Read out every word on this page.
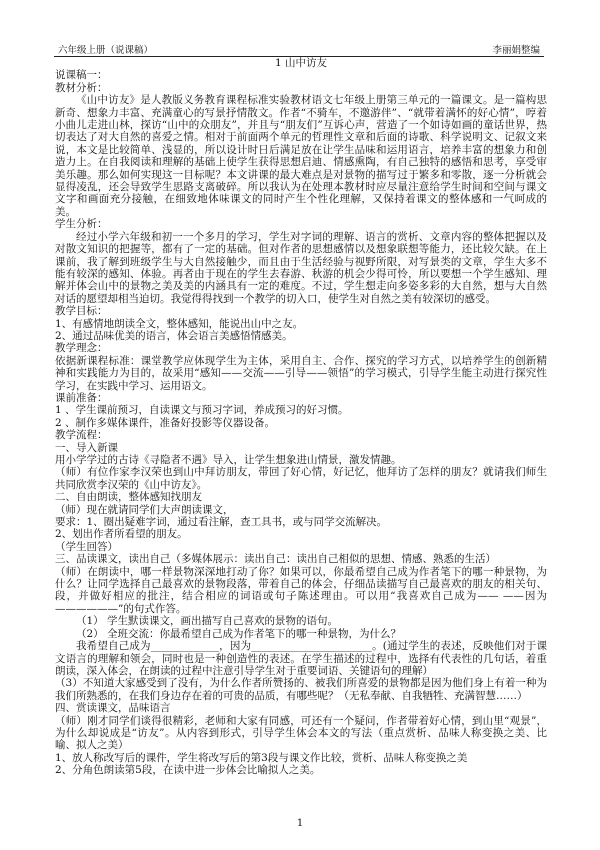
六年级上册（说课稿）	李丽娟整编

1 山中访友

说课稿一：

教材分析：

《山中访友》是人教版义务教育课程标准实验教材语文七年级上册第三单元的一篇课文。是一篇构思新奇、想象力丰富、充满童心的写景抒情散文。作者“不骑车，不邀游伴”、“就带着满怀的好心情”，哼着小曲儿走进山林，探访“山中的众朋友”，并且与“朋友们”互诉心声，营造了一个如诗如画的童话世界，热切表达了对大自然的喜爱之情。相对于前面两个单元的哲理性文章和后面的诗歌、科学说明文、记叙文来说，本文是比较简单、浅显的，所以设计时日后满足放在让学生品味和运用语言，培养丰富的想象力和创造力上。在自我阅读和理解的基础上使学生获得思想启迪、情感熏陶，有自己独特的感悟和思考，享受审美乐趣。那么如何实现这一目标呢？本文讲课的最大难点是对景物的描写过于繁多和零散，逐一分析就会显得凌乱，还会导致学生思路支离破碎。所以我认为在处理本教材时应尽量注意给学生时间和空间与课文文字和画面充分接触，在细致地体味课文的同时产生个性化理解，又保持着课文的整体感和一气呵成的美。

学生分析：

经过小学六年级和初一一个多月的学习，学生对字词的理解、语言的赏析、文章内容的整体把握以及对散文知识的把握等，都有了一定的基础。但对作者的思想感情以及想象联想等能力，还比较欠缺。在上课前，我了解到班级学生与大自然接触少，而且由于生活经验与视野所限，对写景类的文章，学生大多不能有较深的感知、体验。再者由于现在的学生去春游、秋游的机会少得可怜，所以要想一个学生感知、理解并体会山中的景物之美及美的内涵具有一定的难度。不过，学生想走向多姿多彩的大自然，想与大自然对话的愿望却相当迫切。我觉得得找到一个教学的切入口，使学生对自然之美有较深切的感受。

教学目标：

1、有感情地朗读全文，整体感知，能说出山中之友。

2、通过品味优美的语言，体会语言美感悟情感美。

教学理念：

依据新课程标准：课堂教学应体现学生为主体，采用自主、合作、探究的学习方式，以培养学生的创新精神和实践能力为目的，故采用“感知——交流——引导——领悟”的学习模式，引导学生能主动进行探究性学习，在实践中学习、运用语文。

课前准备：

1 、学生课前预习，自读课文与预习字词，养成预习的好习惯。

2 、制作多媒体课件，准备好投影等仪器设备。

教学流程：

一、导入新课

用小学学过的古诗《寻隐者不遇》导入，让学生想象进山情景，激发情趣。

（师）有位作家李汉荣也到山中拜访朋友，带回了好心情，好记忆，他拜访了怎样的朋友？就请我们师生共同欣赏李汉荣的《山中访友》。

二、自由朗读，整体感知找朋友

（师）现在就请同学们大声朗读课文，

要求：1、圈出疑难字词，通过看注解，查工具书，或与同学交流解决。

2、划出作者所看望的朋友。

（学生回答）

三、品读课文，读出自己（多媒体展示：读出自己：读出自己相似的思想、情感、熟悉的生活）

（师）在朗读中，哪一样景物深深地打动了你？如果可以，你最希望自己成为作者笔下的哪一种景物，为什么？让同学选择自己最喜欢的景物段落，带着自己的体会，仔细品读描写自己最喜欢的朋友的相关句、段，并做好相应的批注，结合相应的词语或句子陈述理由。可以用“我喜欢自己成为—— ——因为——————”的句式作答。

（1） 学生默读课文，画出描写自己喜欢的景物的语句。

（2） 全班交流：你最希望自己成为作者笔下的哪一种景物，为什么？

我希望自己成为_____________，因为_______________________。(通过学生的表述，反映他们对于课文语言的理解和领会，同时也是一种创造性的表述。在学生描述的过程中，选择有代表性的几句话，着重朗读，深入体会，在朗读的过程中注意引导学生对于重要词语、关键语句的理解）

（3）不知道大家感受到了没有，为什么作者所赞扬的、被我们所喜爱的景物都是因为他们身上有着一种为我们所熟悉的，在我们身边存在着的可贵的品质，有哪些呢？（无私奉献、自我牺牲、充满智慧……）

四、赏读课文，品味语言

（师）刚才同学们谈得很精彩，老师和大家有同感，可还有一个疑问，作者带着好心情，到山里“观景”，为什么却说成是“访友”。从内容到形式，引导学生体会本文的写法（重点赏析、品味人称变换之美、比喻、拟人之美）

1、放人称改写后的课件，学生将改写后的第3段与课文作比较，赏析、品味人称变换之美

2、分角色朗读第5段，在读中进一步体会比喻拟人之美。

1
